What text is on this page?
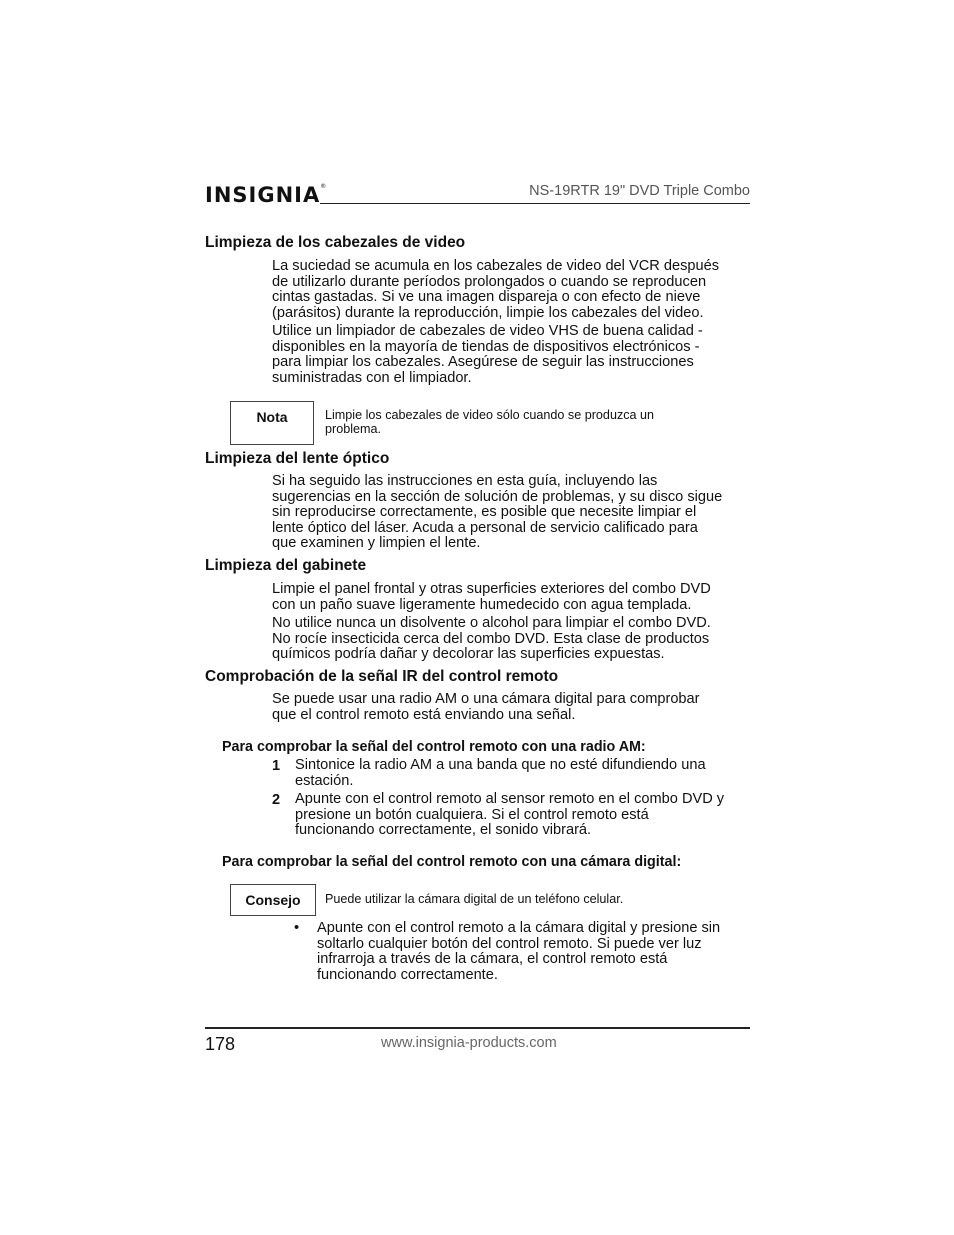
INSIGNIA®	NS-19RTR 19" DVD Triple Combo
Limpieza de los cabezales de video

La suciedad se acumula en los cabezales de video del VCR después

de utilizarlo durante períodos prolongados o cuando se reproducen

cintas gastadas. Si ve una imagen dispareja o con efecto de nieve

(parásitos) durante la reproducción, limpie los cabezales del video.

Utilice un limpiador de cabezales de video VHS de buena calidad -

disponibles en la mayoría de tiendas de dispositivos electrónicos -

para limpiar los cabezales. Asegúrese de seguir las instrucciones

suministradas con el limpiador.

Nota	Limpie los cabezales de video sólo cuando se produzca un

problema.

Limpieza del lente óptico

Si ha seguido las instrucciones en esta guía, incluyendo las

sugerencias en la sección de solución de problemas, y su disco sigue

sin reproducirse correctamente, es posible que necesite limpiar el

lente óptico del láser. Acuda a personal de servicio calificado para

que examinen y limpien el lente.

Limpieza del gabinete

Limpie el panel frontal y otras superficies exteriores del combo DVD

con un paño suave ligeramente humedecido con agua templada.

No utilice nunca un disolvente o alcohol para limpiar el combo DVD.

No rocíe insecticida cerca del combo DVD. Esta clase de productos

químicos podría dañar y decolorar las superficies expuestas.

Comprobación de la señal IR del control remoto

Se puede usar una radio AM o una cámara digital para comprobar

que el control remoto está enviando una señal.

Para comprobar la señal del control remoto con una radio AM:

1 Sintonice la radio AM a una banda que no esté difundiendo una

estación.

2 Apunte con el control remoto al sensor remoto en el combo DVD y

presione un botón cualquiera. Si el control remoto está

funcionando correctamente, el sonido vibrará.

Para comprobar la señal del control remoto con una cámara digital:

Consejo Puede utilizar la cámara digital de un teléfono celular.

• Apunte con el control remoto a la cámara digital y presione sin

soltarlo cualquier botón del control remoto. Si puede ver luz

infrarroja a través de la cámara, el control remoto está

funcionando correctamente.

178	www.insignia-products.com
